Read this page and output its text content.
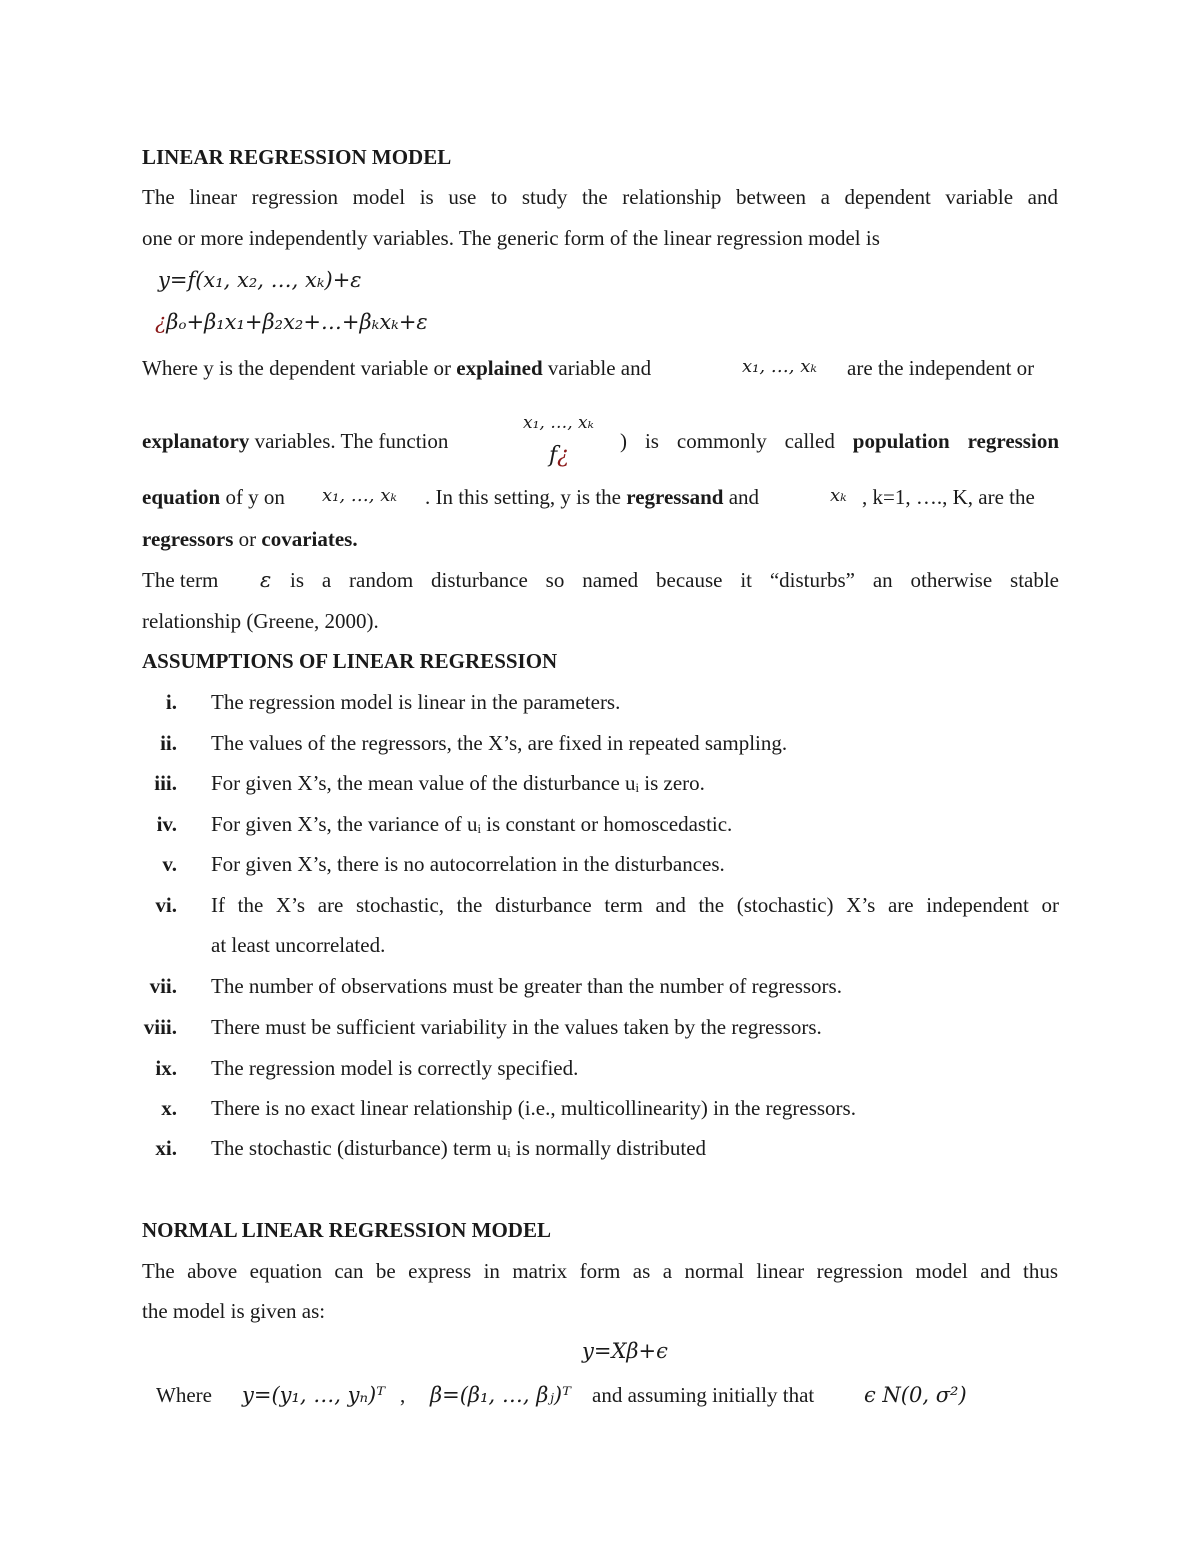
LINEAR REGRESSION MODEL
The linear regression model is use to study the relationship between a dependent variable and
one or more independently variables. The generic form of the linear regression model is
y=f(x₁, x₂, …, xₖ)+ε
¿βₒ+β₁x₁+β₂x₂+…+βₖxₖ+ε
Where y is the dependent variable or explained variable and	x₁, …, xₖ are the independent or
explanatory variables. The function
x₁, …, xₖ
f¿
) is commonly called population regression
equation of y on x₁, …, xₖ . In this setting, y is the regressand and	xₖ , k=1, …., K, are the
regressors or covariates.
The term ε is a random disturbance so named because it “disturbs” an otherwise stable
relationship (Greene, 2000).
ASSUMPTIONS OF LINEAR REGRESSION
i. The regression model is linear in the parameters.
ii. The values of the regressors, the X’s, are fixed in repeated sampling.
iii. For given X’s, the mean value of the disturbance uᵢ is zero.
iv. For given X’s, the variance of uᵢ is constant or homoscedastic.
v. For given X’s, there is no autocorrelation in the disturbances.
vi. If the X’s are stochastic, the disturbance term and the (stochastic) X’s are independent or
at least uncorrelated.
vii. The number of observations must be greater than the number of regressors.
viii. There must be sufficient variability in the values taken by the regressors.
ix. The regression model is correctly specified.
x. There is no exact linear relationship (i.e., multicollinearity) in the regressors.
xi. The stochastic (disturbance) term uᵢ is normally distributed
NORMAL LINEAR REGRESSION MODEL
The above equation can be express in matrix form as a normal linear regression model and thus
the model is given as:
y=Xβ+ϵ
Where y=(y₁, …, yₙ)ᵀ , β=(β₁, …, βⱼ)ᵀ and assuming initially that ϵ N(0, σ²)
